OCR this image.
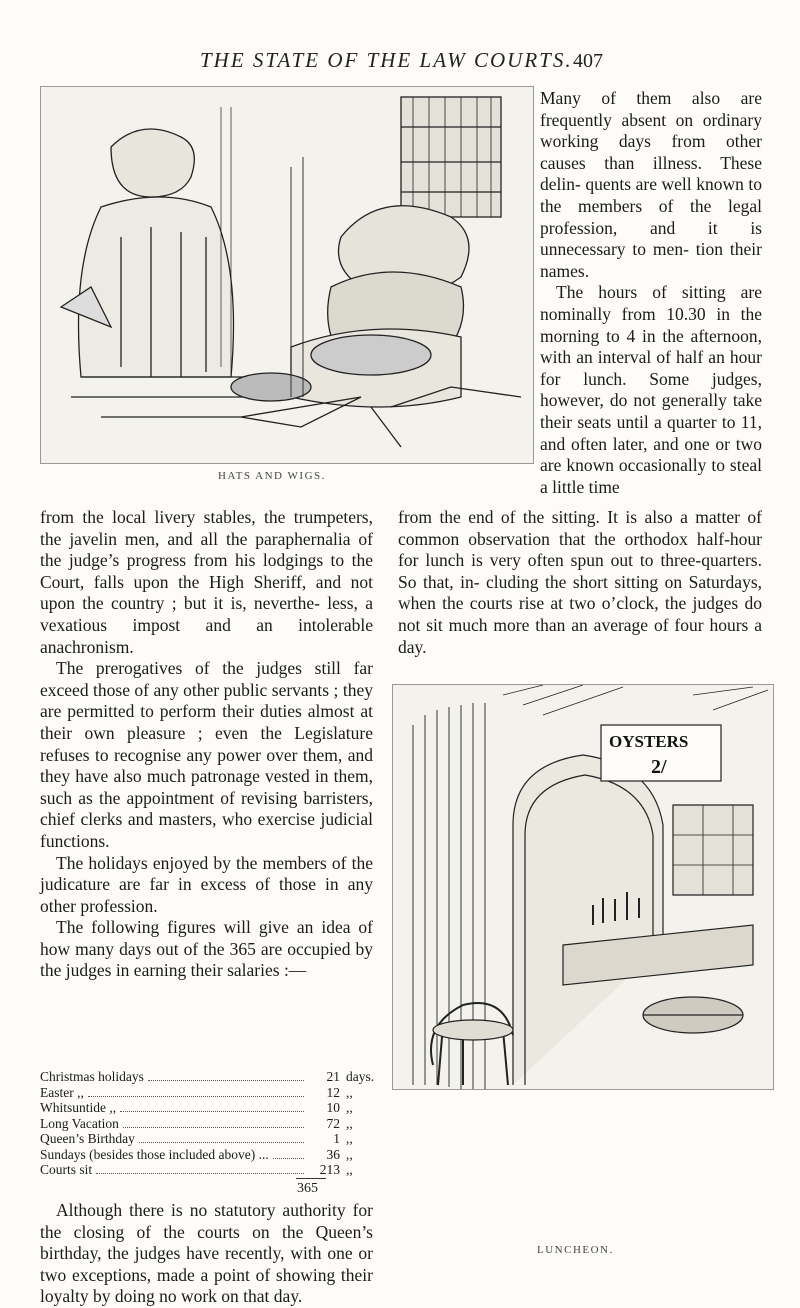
THE STATE OF THE LAW COURTS. 407
HATS AND WIGS.

Many of them also are frequently absent on ordinary working days from other causes than illness. These delin- quents are well known to the members of the legal profession, and it is unnecessary to men- tion their names.

The hours of sitting are nominally from 10.30 in the morning to 4 in the afternoon, with an interval of half an hour for lunch. Some judges, however, do not generally take their seats until a quarter to 11, and often later, and one or two are known occasionally to steal a little time

from the end of the sitting. It is also a matter of common observation that the orthodox half-hour for lunch is very often spun out to three-quarters. So that, in- cluding the short sitting on Saturdays, when the courts rise at two o’clock, the judges do not sit much more than an average of four hours a day.

from the local livery stables, the trumpeters, the javelin men, and all the paraphernalia of the judge’s progress from his lodgings to the Court, falls upon the High Sheriff, and not upon the country ; but it is, neverthe- less, a vexatious impost and an intolerable anachronism.

The prerogatives of the judges still far exceed those of any other public servants ; they are permitted to perform their duties almost at their own pleasure ; even the Legislature refuses to recognise any power over them, and they have also much patronage vested in them, such as the appointment of revising barristers, chief clerks and masters, who exercise judicial functions.

The holidays enjoyed by the members of the judicature are far in excess of those in any other profession.

The following figures will give an idea of how many days out of the 365 are occupied by the judges in earning their salaries :—

Christmas holidays	21 days.
Easter ,,	12 ,,
Whitsuntide ,,	10 ,,
Long Vacation	72 ,,
Queen’s Birthday	1 ,,
Sundays (besides those included above) ...	36 ,,
Courts sit	213 ,,
365

Although there is no statutory authority for the closing of the courts on the Queen’s birthday, the judges have recently, with one or two exceptions, made a point of showing their loyalty by doing no work on that day.

OYSTERS
2/
LUNCHEON.
